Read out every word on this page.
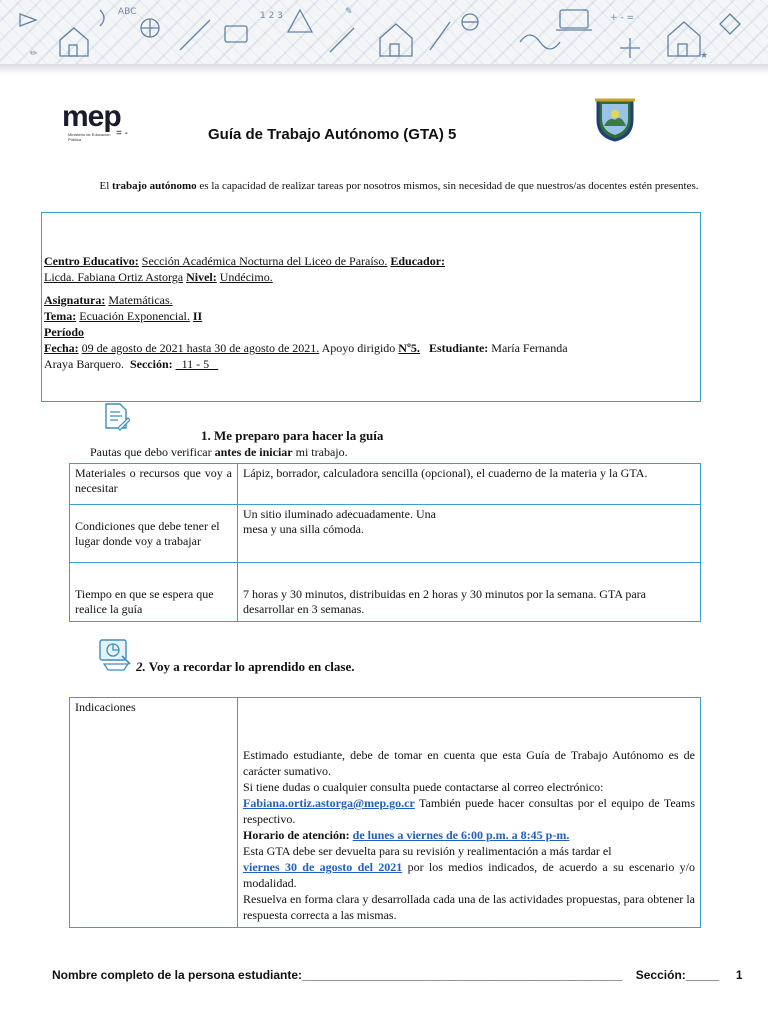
ABC	1 2 3	+ - =
✏
✎
★
mep
Ministerio de Educación Pública
= -	Guía de Trabajo Autónomo (GTA) 5
El trabajo autónomo es la capacidad de realizar tareas por nosotros mismos, sin necesidad de que nuestros/as docentes estén presentes.
Centro Educativo: Sección Académica Nocturna del Liceo de Paraíso. Educador:
Licda. Fabiana Ortiz Astorga Nivel: Undécimo.
Asignatura: Matemáticas.
Tema: Ecuación Exponencial. II
Período
Fecha: 09 de agosto de 2021 hasta 30 de agosto de 2021. Apoyo dirigido Nº5. Estudiante: María Fernanda
Araya Barquero. Sección: _11 - 5 _
1. Me preparo para hacer la guía
Pautas que debo verificar antes de iniciar mi trabajo.
Materiales o recursos que voy a necesitar	Lápiz, borrador, calculadora sencilla (opcional), el cuaderno de la materia y la GTA.
Condiciones que debe tener el lugar donde voy a trabajar	Un sitio iluminado adecuadamente. Una mesa y una silla cómoda.
Tiempo en que se espera que realice la guía	7 horas y 30 minutos, distribuidas en 2 horas y 30 minutos por la semana. GTA para desarrollar en 3 semanas.
2. Voy a recordar lo aprendido en clase.
Indicaciones	
Estimado estudiante, debe de tomar en cuenta que esta Guía de Trabajo Autónomo es de carácter sumativo.
Si tiene dudas o cualquier consulta puede contactarse al correo electrónico:
Fabiana.ortiz.astorga@mep.go.cr También puede hacer consultas por el equipo de Teams respectivo.
Horario de atención: de lunes a viernes de 6:00 p.m. a 8:45 p-m.
Esta GTA debe ser devuelta para su revisión y realimentación a más tardar el
viernes 30 de agosto del 2021 por los medios indicados, de acuerdo a su escenario y/o modalidad.
Resuelva en forma clara y desarrollada cada una de las actividades propuestas, para obtener la respuesta correcta a las mismas.
Nombre completo de la persona estudiante:________________________________________________ Sección:_____ 1
